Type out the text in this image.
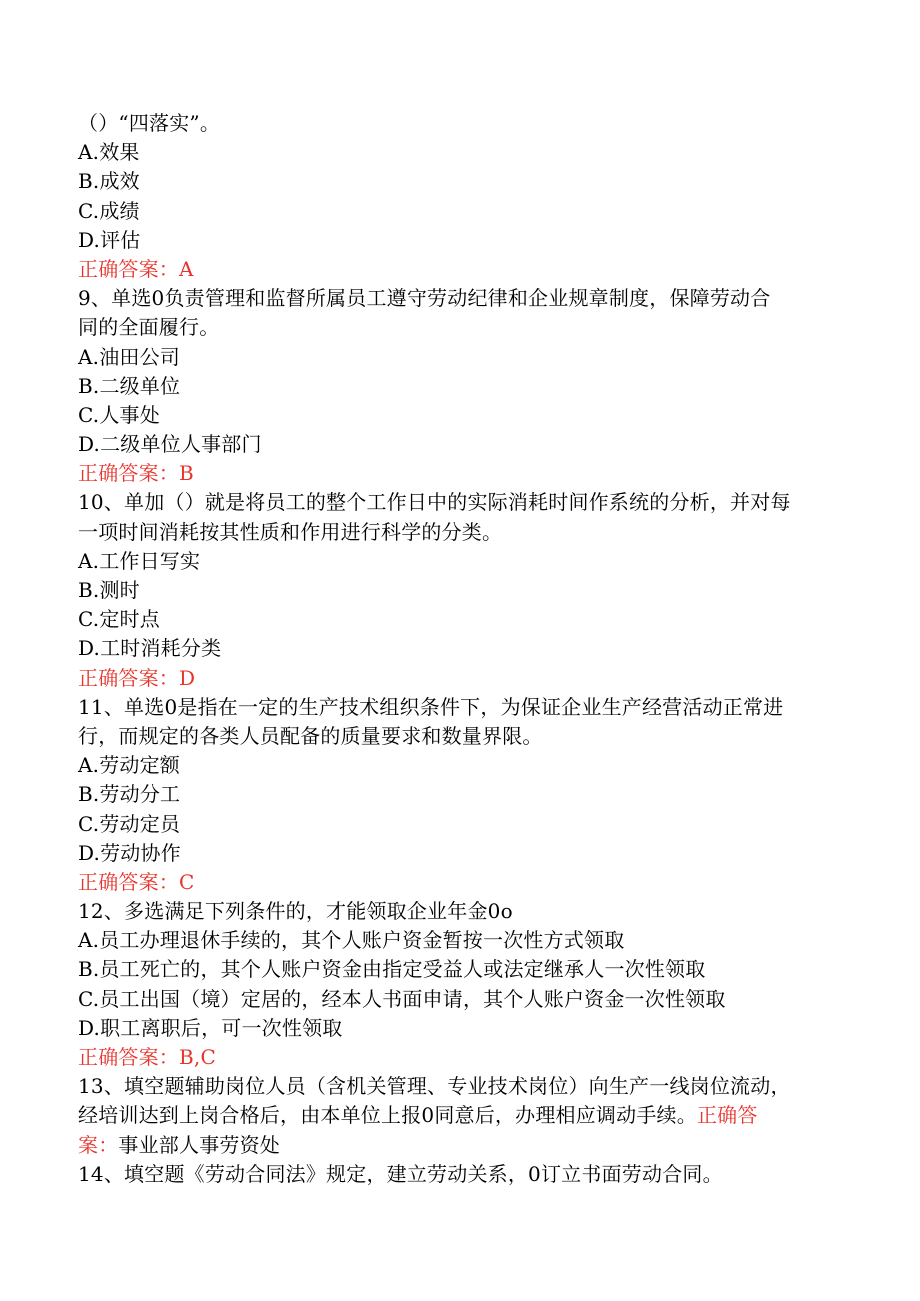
（）“四落实”。
A.效果
B.成效
C.成绩
D.评估
正确答案：A
9、单选0负责管理和监督所属员工遵守劳动纪律和企业规章制度，保障劳动合
同的全面履行。
A.油田公司
B.二级单位
C.人事处
D.二级单位人事部门
正确答案：B
10、单加（）就是将员工的整个工作日中的实际消耗时间作系统的分析，并对每
一项时间消耗按其性质和作用进行科学的分类。
A.工作日写实
B.测时
C.定时点
D.工时消耗分类
正确答案：D
11、单选0是指在一定的生产技术组织条件下，为保证企业生产经营活动正常进
行，而规定的各类人员配备的质量要求和数量界限。
A.劳动定额
B.劳动分工
C.劳动定员
D.劳动协作
正确答案：C
12、多选满足下列条件的，才能领取企业年金0o
A.员工办理退休手续的，其个人账户资金暂按一次性方式领取
B.员工死亡的，其个人账户资金由指定受益人或法定继承人一次性领取
C.员工出国（境）定居的，经本人书面申请，其个人账户资金一次性领取
D.职工离职后，可一次性领取
正确答案：B,C
13、填空题辅助岗位人员（含机关管理、专业技术岗位）向生产一线岗位流动，
经培训达到上岗合格后，由本单位上报0同意后，办理相应调动手续。正确答
案：事业部人事劳资处
14、填空题《劳动合同法》规定，建立劳动关系，0订立书面劳动合同。
